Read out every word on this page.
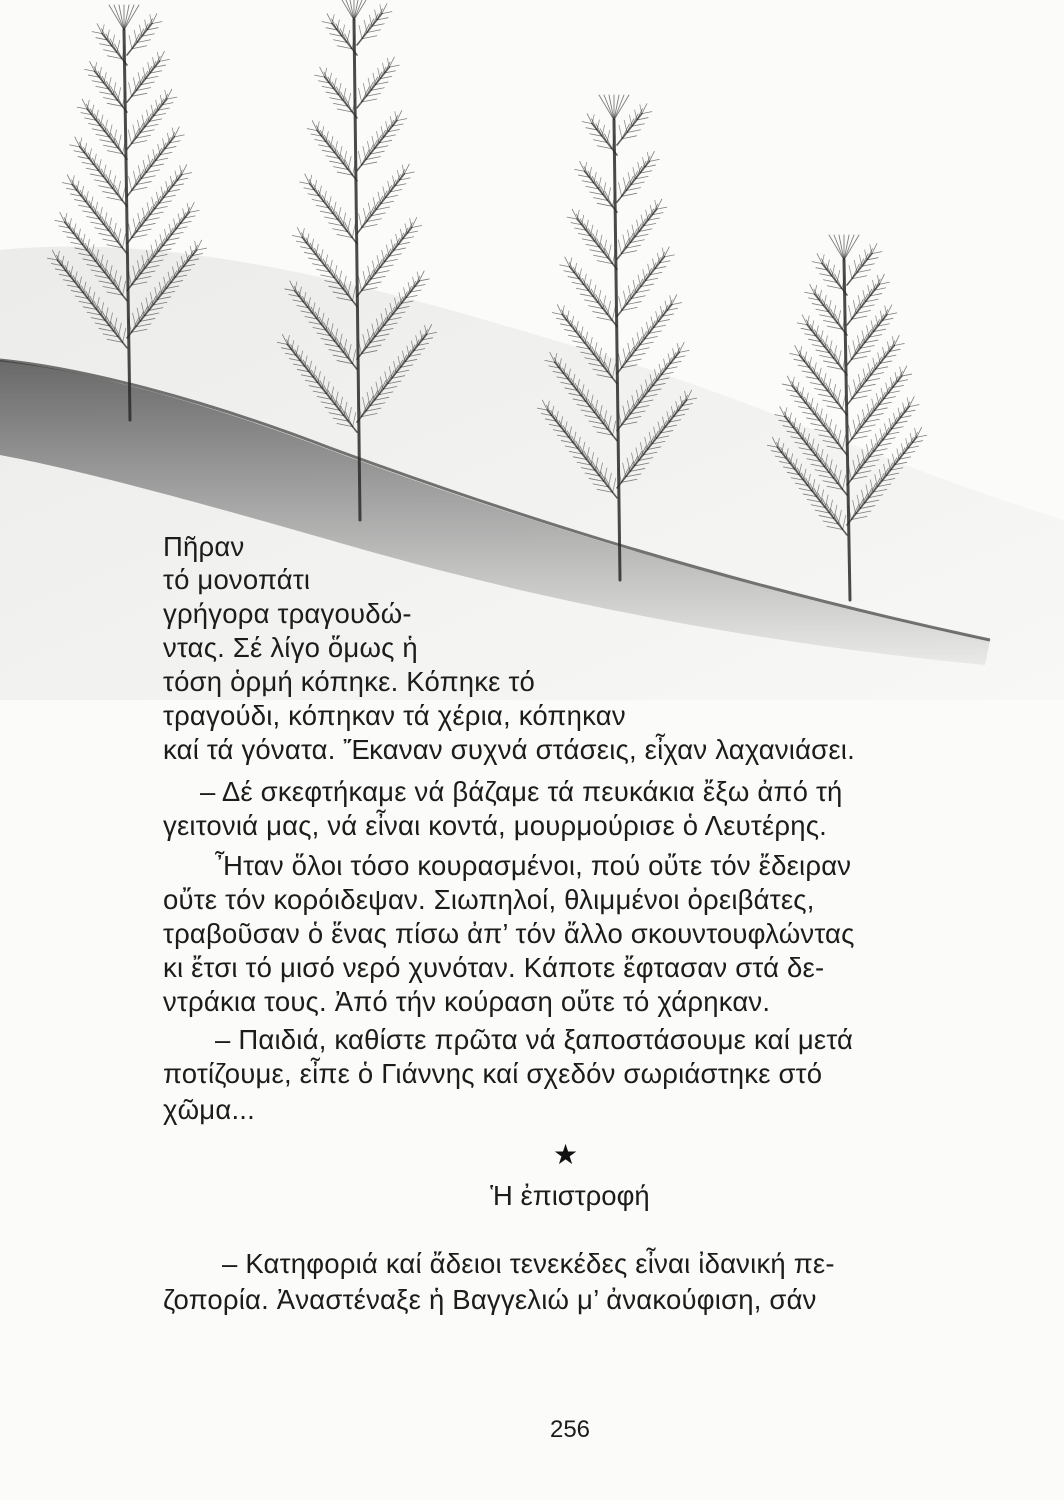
Πῆραν

τό μονοπάτι

γρήγορα τραγουδώ-

ντας. Σέ λίγο ὅμως ἡ

τόση ὁρμή κόπηκε. Κόπηκε τό

τραγούδι, κόπηκαν τά χέρια, κόπηκαν

καί τά γόνατα. Ἔκαναν συχνά στάσεις, εἶχαν λαχανιάσει.

– Δέ σκεφτήκαμε νά βάζαμε τά πευκάκια ἔξω ἀπό τή

γειτονιά μας, νά εἶναι κοντά, μουρμούρισε ὁ Λευτέρης.

Ἦταν ὅλοι τόσο κουρασμένοι, πού οὔτε τόν ἔδειραν

οὔτε τόν κορόιδεψαν. Σιωπηλοί, θλιμμένοι ὀρειβάτες,

τραβοῦσαν ὁ ἕνας πίσω ἀπ’ τόν ἄλλο σκουντουφλώντας

κι ἔτσι τό μισό νερό χυνόταν. Κάποτε ἔφτασαν στά δε-

ντράκια τους. Ἀπό τήν κούραση οὔτε τό χάρηκαν.

– Παιδιά, καθίστε πρῶτα νά ξαποστάσουμε καί μετά

ποτίζουμε, εἶπε ὁ Γιάννης καί σχεδόν σωριάστηκε στό

χῶμα...

★

Ἡ ἐπιστροφή

– Κατηφοριά καί ἄδειοι τενεκέδες εἶναι ἰδανική πε-

ζοπορία. Ἀναστέναξε ἡ Βαγγελιώ μ’ ἀνακούφιση, σάν

256
